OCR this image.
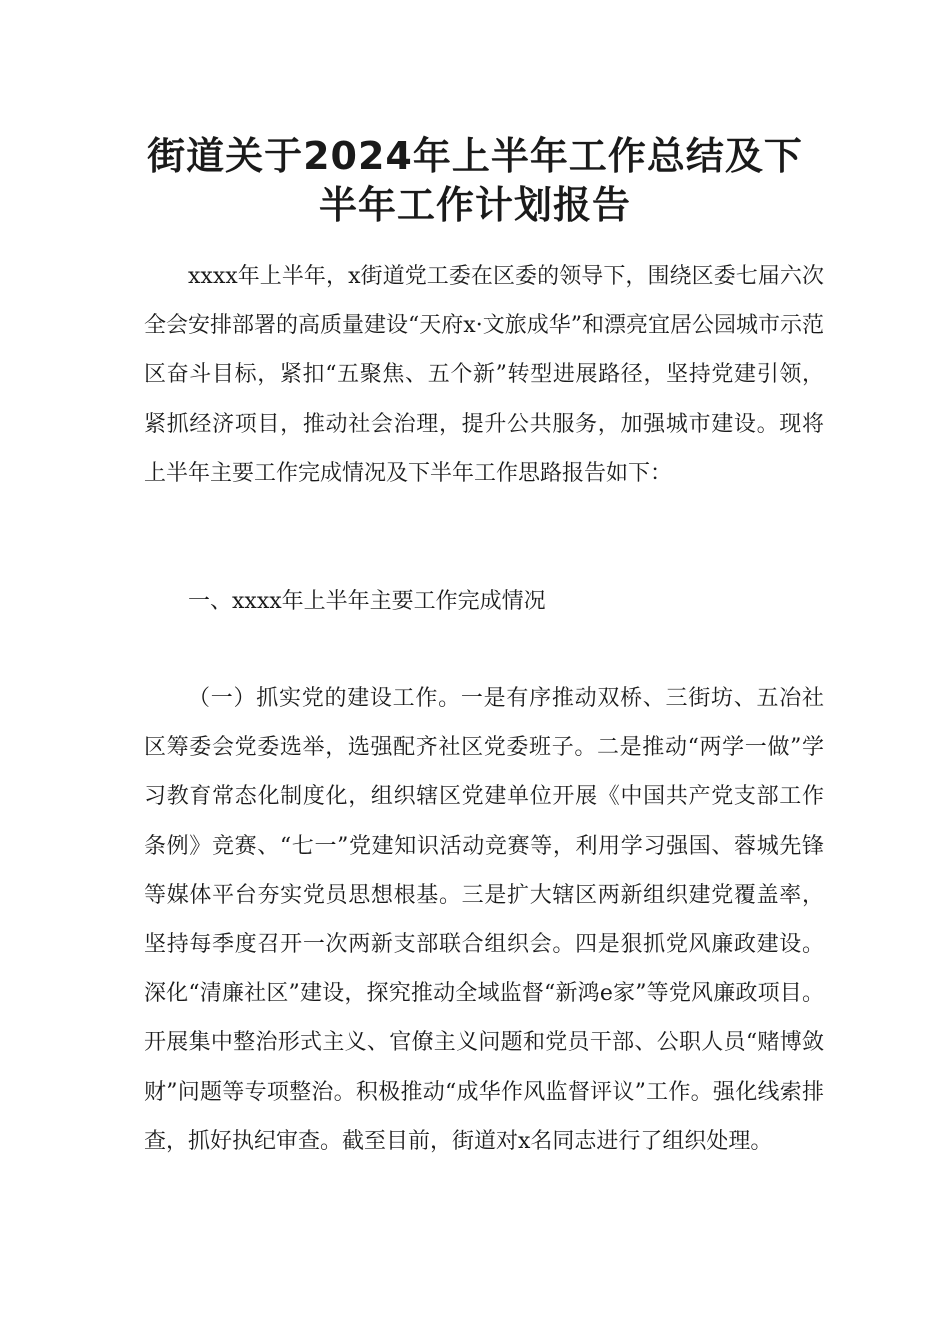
街道关于2024年上半年工作总结及下
半年工作计划报告

xxxx年上半年，x街道党工委在区委的领导下，围绕区委七届六次全会安排部署的高质量建设“天府x·文旅成华”和漂亮宜居公园城市示范区奋斗目标，紧扣“五聚焦、五个新”转型进展路径，坚持党建引领，紧抓经济项目，推动社会治理，提升公共服务，加强城市建设。现将上半年主要工作完成情况及下半年工作思路报告如下：

一、xxxx年上半年主要工作完成情况

（一）抓实党的建设工作。一是有序推动双桥、三街坊、五冶社区筹委会党委选举，选强配齐社区党委班子。二是推动“两学一做”学习教育常态化制度化，组织辖区党建单位开展《中国共产党支部工作条例》竞赛、“七一”党建知识活动竞赛等，利用学习强国、蓉城先锋等媒体平台夯实党员思想根基。三是扩大辖区两新组织建党覆盖率，坚持每季度召开一次两新支部联合组织会。四是狠抓党风廉政建设。深化“清廉社区”建设，探究推动全域监督“新鸿e家”等党风廉政项目。开展集中整治形式主义、官僚主义问题和党员干部、公职人员“赌博敛财”问题等专项整治。积极推动“成华作风监督评议”工作。强化线索排查，抓好执纪审查。截至目前，街道对x名同志进行了组织处理。
